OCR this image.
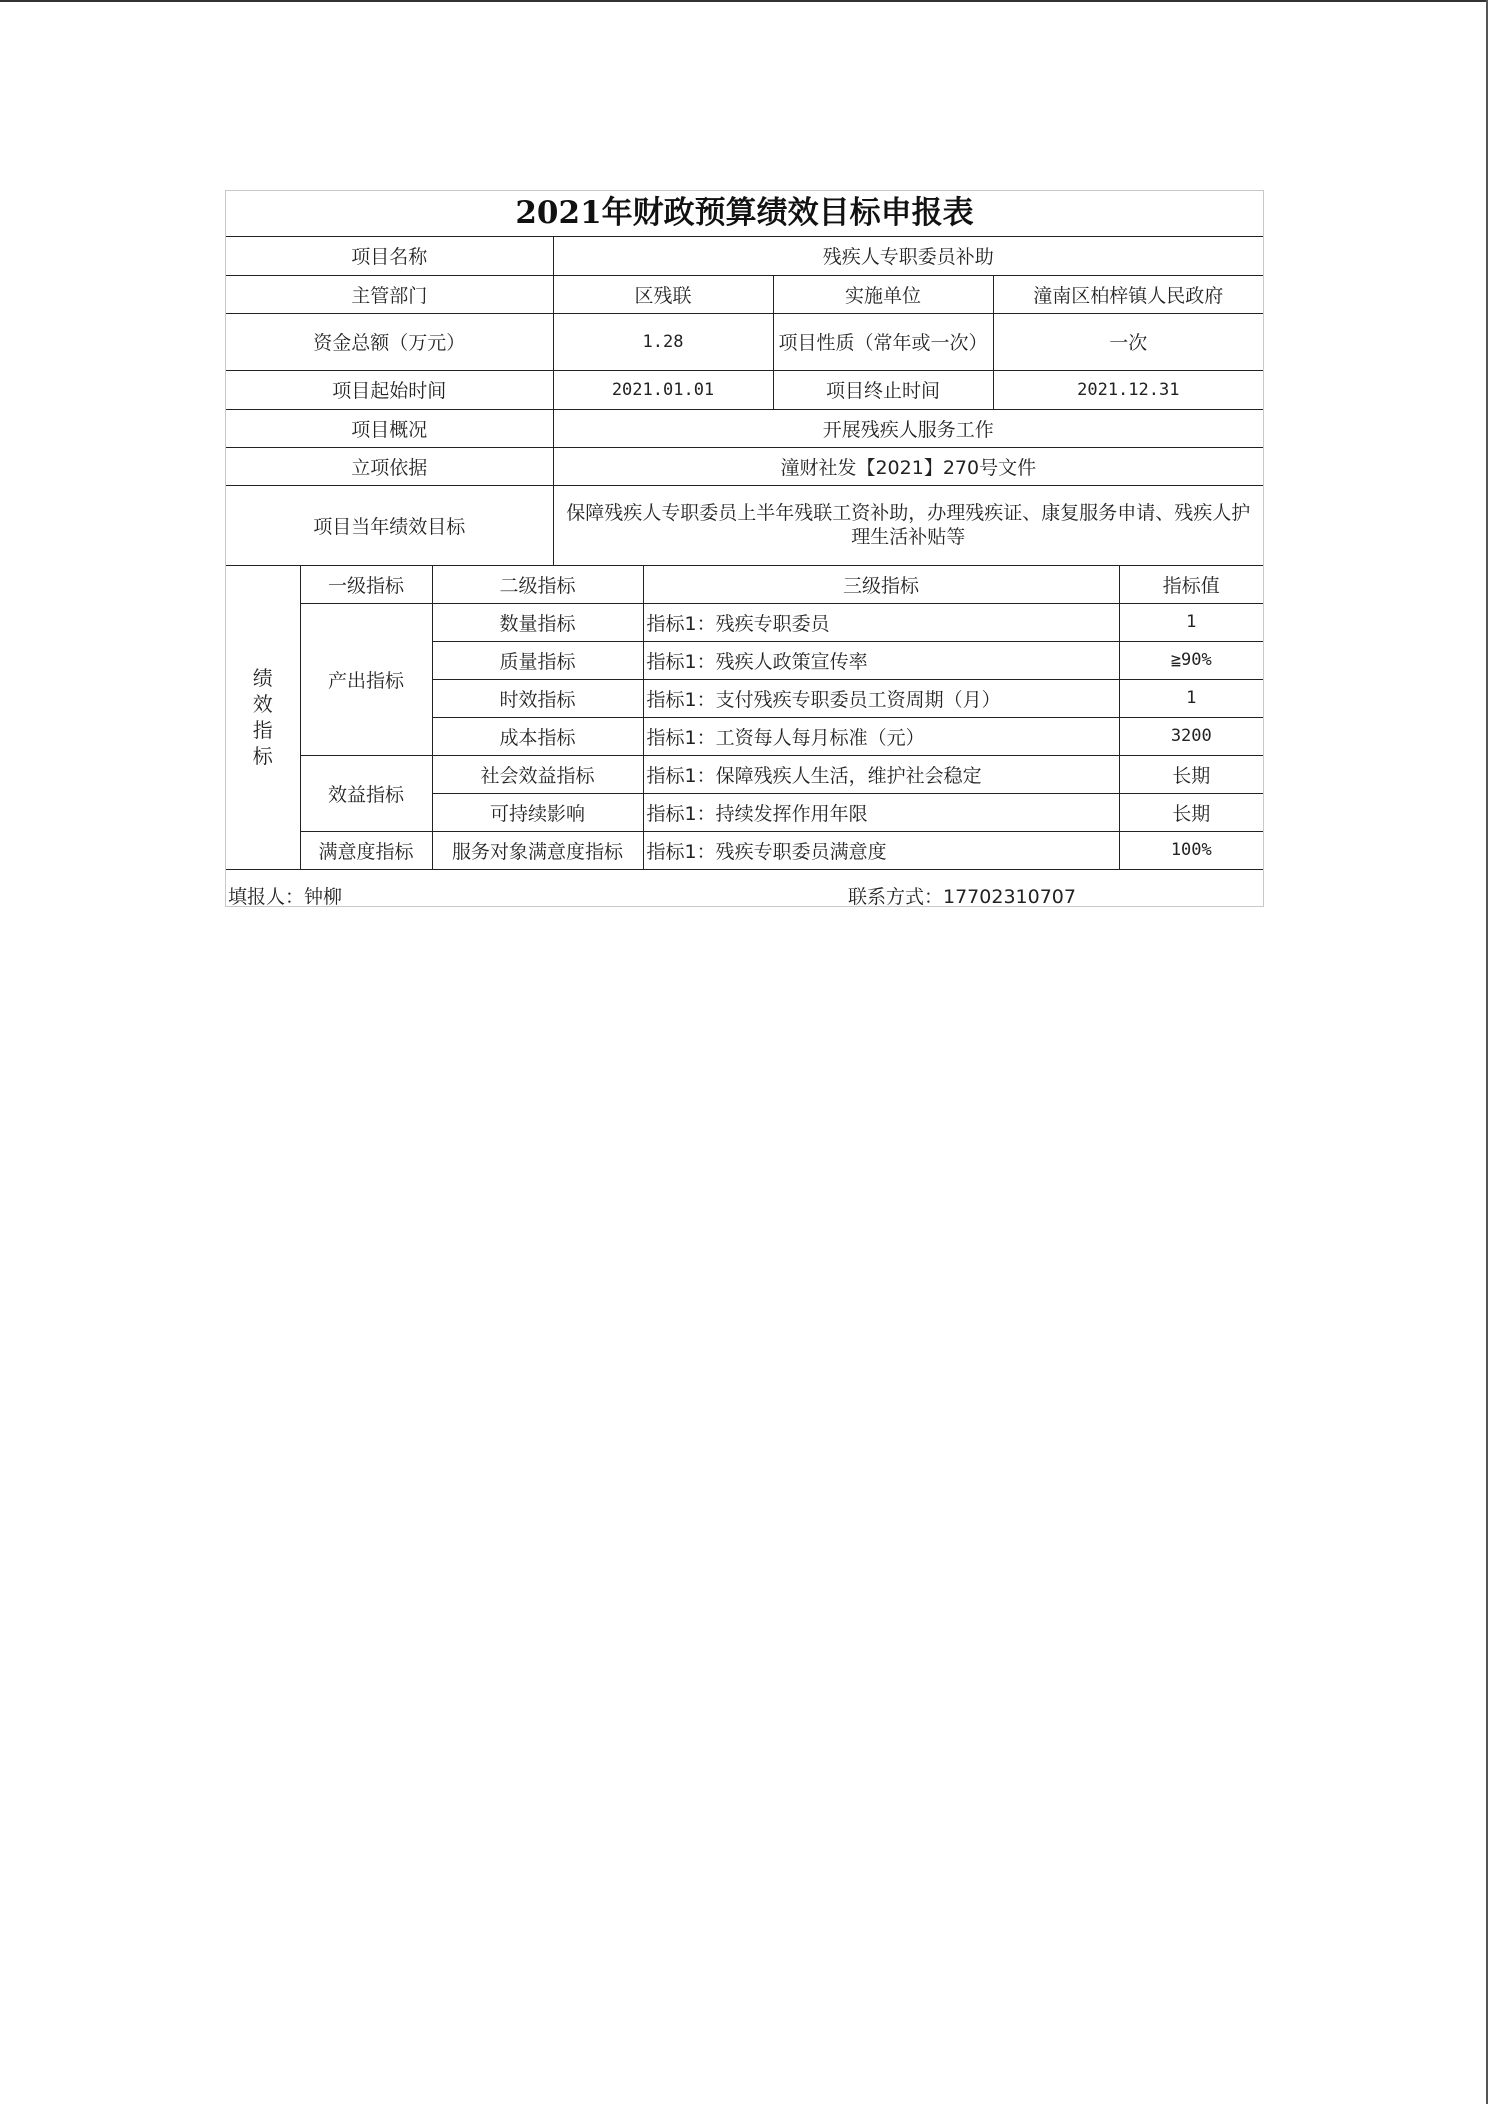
2021年财政预算绩效目标申报表
项目名称			残疾人专职委员补助				
主管部门			区残联		实施单位	潼南区柏梓镇人民政府	
资金总额（万元）			1.28		项目性质（常年或一次）	一次	
项目起始时间			2021.01.01		项目终止时间	2021.12.31	
项目概况			开展残疾人服务工作				
立项依据			潼财社发【2021】270号文件				
项目当年绩效目标			保障残疾人专职委员上半年残联工资补助，办理残疾证、康复服务申请、残疾人护理生活补贴等				

绩
效
指
标	一级指标	二级指标		三级指标			指标值
	产出指标	数量指标		指标1：残疾专职委员			1
		质量指标		指标1：残疾人政策宣传率			≧90%
		时效指标		指标1：支付残疾专职委员工资周期（月）			1
		成本指标		指标1：工资每人每月标准（元）			3200
	效益指标	社会效益指标		指标1：保障残疾人生活，维护社会稳定			长期
		可持续影响		指标1：持续发挥作用年限			长期
	满意度指标	服务对象满意度指标		指标1：残疾专职委员满意度			100%
填报人：钟柳	联系方式：17702310707
